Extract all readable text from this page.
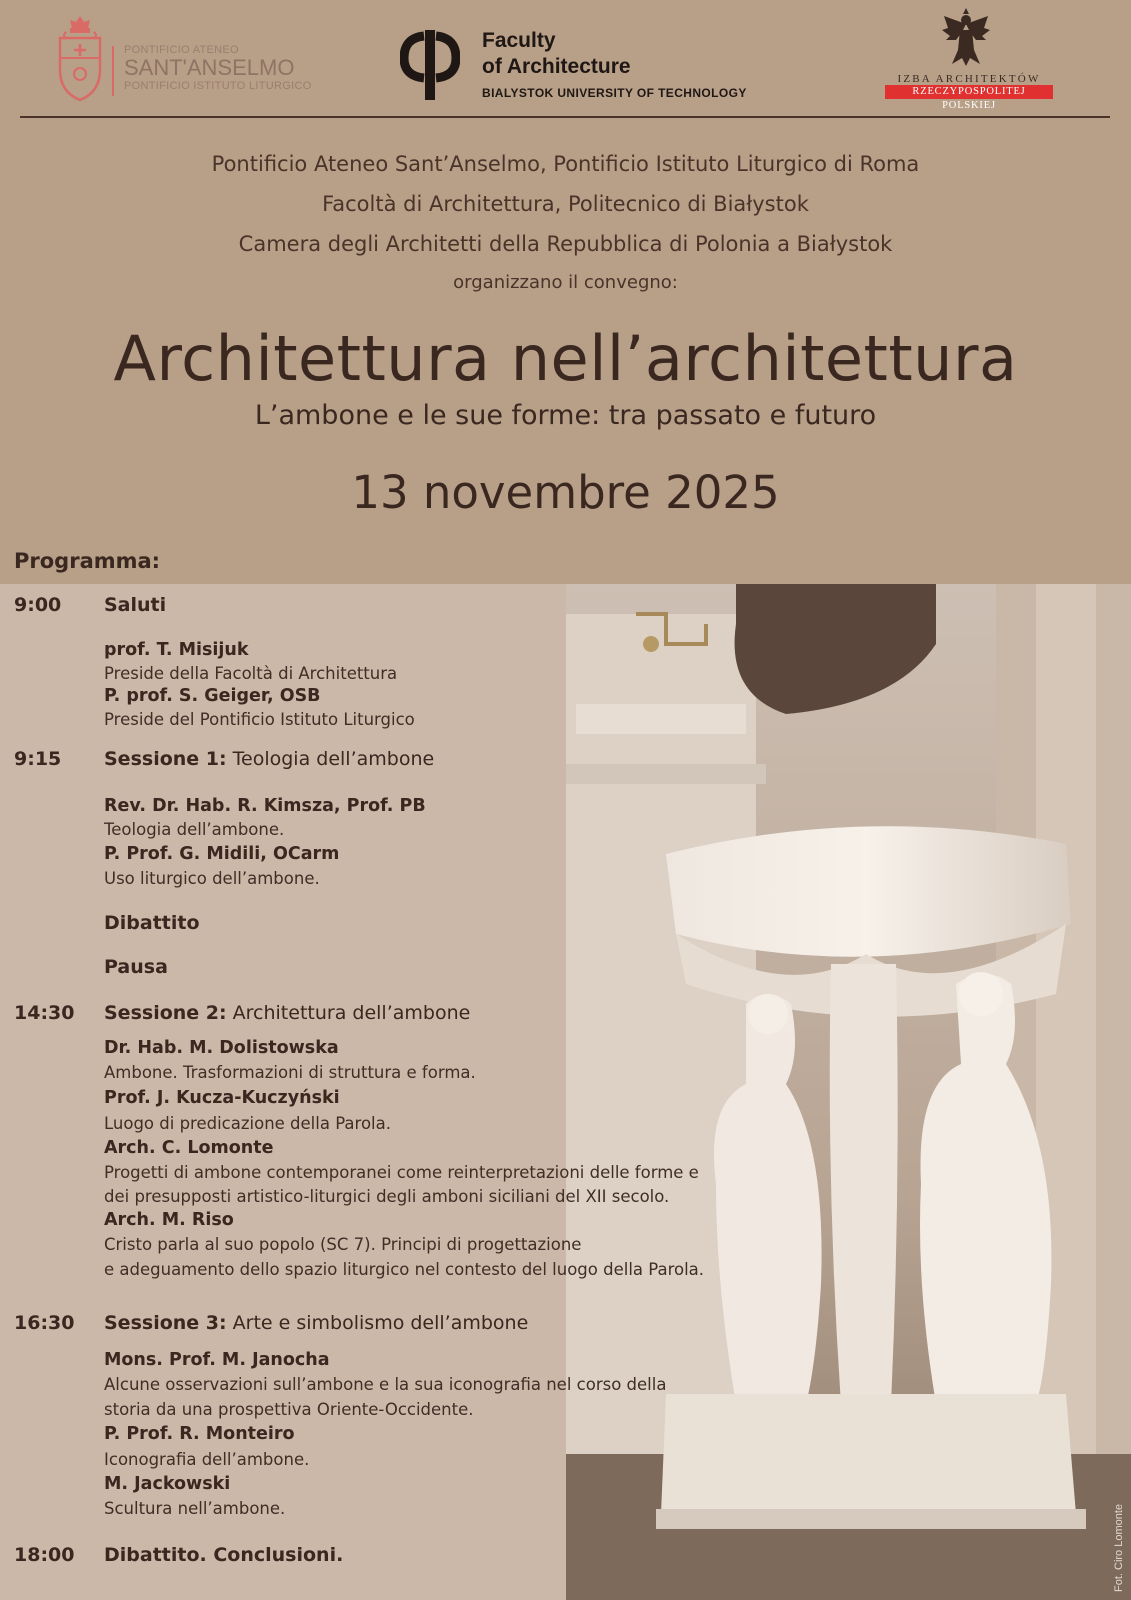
PONTIFICIO ATENEO
SANT'ANSELMO
PONTIFICIO ISTITUTO LITURGICO
Faculty
of Architecture
BIALYSTOK UNIVERSITY OF TECHNOLOGY
IZBA ARCHITEKTÓW
RZECZYPOSPOLITEJ POLSKIEJ
Pontificio Ateneo Sant’Anselmo, Pontificio Istituto Liturgico di Roma
Facoltà di Architettura, Politecnico di Białystok
Camera degli Architetti della Repubblica di Polonia a Białystok
organizzano il convegno:
Architettura nell’architettura
L’ambone e le sue forme: tra passato e futuro
13 novembre 2025
Programma:
Fot. Ciro Lomonte
9:00 Saluti
prof. T. Misijuk
Preside della Facoltà di Architettura
P. prof. S. Geiger, OSB
Preside del Pontificio Istituto Liturgico
9:15 Sessione 1: Teologia dell’ambone
Rev. Dr. Hab. R. Kimsza, Prof. PB
Teologia dell’ambone.
P. Prof. G. Midili, OCarm
Uso liturgico dell’ambone.
Dibattito
Pausa
14:30 Sessione 2: Architettura dell’ambone
Dr. Hab. M. Dolistowska
Ambone. Trasformazioni di struttura e forma.
Prof. J. Kucza-Kuczyński
Luogo di predicazione della Parola.
Arch. C. Lomonte
Progetti di ambone contemporanei come reinterpretazioni delle forme e
dei presupposti artistico-liturgici degli amboni siciliani del XII secolo.
Arch. M. Riso
Cristo parla al suo popolo (SC 7). Principi di progettazione
e adeguamento dello spazio liturgico nel contesto del luogo della Parola.
16:30 Sessione 3: Arte e simbolismo dell’ambone
Mons. Prof. M. Janocha
Alcune osservazioni sull’ambone e la sua iconografia nel corso della
storia da una prospettiva Oriente-Occidente.
P. Prof. R. Monteiro
Iconografia dell’ambone.
M. Jackowski
Scultura nell’ambone.
18:00 Dibattito. Conclusioni.
